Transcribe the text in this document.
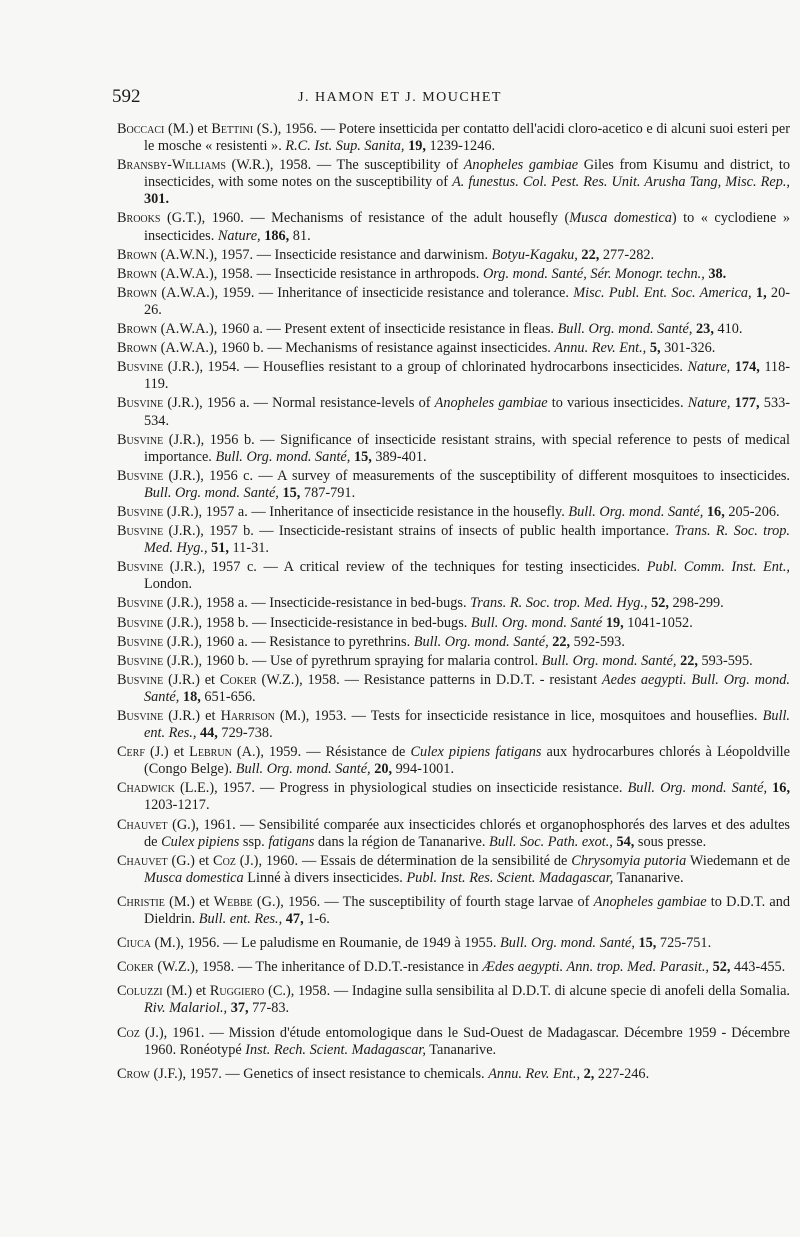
592	J. HAMON ET J. MOUCHET

Boccaci (M.) et Bettini (S.), 1956. — Potere insetticida per contatto dell'acidi cloro-acetico e di alcuni suoi esteri per le mosche « resistenti ». R.C. Ist. Sup. Sanita, 19, 1239-1246.

Bransby-Williams (W.R.), 1958. — The susceptibility of Anopheles gambiae Giles from Kisumu and district, to insecticides, with some notes on the susceptibility of A. funestus. Col. Pest. Res. Unit. Arusha Tang, Misc. Rep., 301.

Brooks (G.T.), 1960. — Mechanisms of resistance of the adult housefly (Musca domestica) to « cyclodiene » insecticides. Nature, 186, 81.

Brown (A.W.N.), 1957. — Insecticide resistance and darwinism. Botyu-Kagaku, 22, 277-282.

Brown (A.W.A.), 1958. — Insecticide resistance in arthropods. Org. mond. Santé, Sér. Monogr. techn., 38.

Brown (A.W.A.), 1959. — Inheritance of insecticide resistance and tolerance. Misc. Publ. Ent. Soc. America, 1, 20-26.

Brown (A.W.A.), 1960 a. — Present extent of insecticide resistance in fleas. Bull. Org. mond. Santé, 23, 410.

Brown (A.W.A.), 1960 b. — Mechanisms of resistance against insecticides. Annu. Rev. Ent., 5, 301-326.

Busvine (J.R.), 1954. — Houseflies resistant to a group of chlorinated hydrocarbons insecticides. Nature, 174, 118-119.

Busvine (J.R.), 1956 a. — Normal resistance-levels of Anopheles gambiae to various insecticides. Nature, 177, 533-534.

Busvine (J.R.), 1956 b. — Significance of insecticide resistant strains, with special reference to pests of medical importance. Bull. Org. mond. Santé, 15, 389-401.

Busvine (J.R.), 1956 c. — A survey of measurements of the susceptibility of different mosquitoes to insecticides. Bull. Org. mond. Santé, 15, 787-791.

Busvine (J.R.), 1957 a. — Inheritance of insecticide resistance in the housefly. Bull. Org. mond. Santé, 16, 205-206.

Busvine (J.R.), 1957 b. — Insecticide-resistant strains of insects of public health importance. Trans. R. Soc. trop. Med. Hyg., 51, 11-31.

Busvine (J.R.), 1957 c. — A critical review of the techniques for testing insecticides. Publ. Comm. Inst. Ent., London.

Busvine (J.R.), 1958 a. — Insecticide-resistance in bed-bugs. Trans. R. Soc. trop. Med. Hyg., 52, 298-299.

Busvine (J.R.), 1958 b. — Insecticide-resistance in bed-bugs. Bull. Org. mond. Santé 19, 1041-1052.

Busvine (J.R.), 1960 a. — Resistance to pyrethrins. Bull. Org. mond. Santé, 22, 592-593.

Busvine (J.R.), 1960 b. — Use of pyrethrum spraying for malaria control. Bull. Org. mond. Santé, 22, 593-595.

Busvine (J.R.) et Coker (W.Z.), 1958. — Resistance patterns in D.D.T. - resistant Aedes aegypti. Bull. Org. mond. Santé, 18, 651-656.

Busvine (J.R.) et Harrison (M.), 1953. — Tests for insecticide resistance in lice, mosquitoes and houseflies. Bull. ent. Res., 44, 729-738.

Cerf (J.) et Lebrun (A.), 1959. — Résistance de Culex pipiens fatigans aux hydrocarbures chlorés à Léopoldville (Congo Belge). Bull. Org. mond. Santé, 20, 994-1001.

Chadwick (L.E.), 1957. — Progress in physiological studies on insecticide resistance. Bull. Org. mond. Santé, 16, 1203-1217.

Chauvet (G.), 1961. — Sensibilité comparée aux insecticides chlorés et organophosphorés des larves et des adultes de Culex pipiens ssp. fatigans dans la région de Tananarive. Bull. Soc. Path. exot., 54, sous presse.

Chauvet (G.) et Coz (J.), 1960. — Essais de détermination de la sensibilité de Chrysomyia putoria Wiedemann et de Musca domestica Linné à divers insecticides. Publ. Inst. Res. Scient. Madagascar, Tananarive.

Christie (M.) et Webbe (G.), 1956. — The susceptibility of fourth stage larvae of Anopheles gambiae to D.D.T. and Dieldrin. Bull. ent. Res., 47, 1-6.

Ciuca (M.), 1956. — Le paludisme en Roumanie, de 1949 à 1955. Bull. Org. mond. Santé, 15, 725-751.

Coker (W.Z.), 1958. — The inheritance of D.D.T.-resistance in Ædes aegypti. Ann. trop. Med. Parasit., 52, 443-455.

Coluzzi (M.) et Ruggiero (C.), 1958. — Indagine sulla sensibilita al D.D.T. di alcune specie di anofeli della Somalia. Riv. Malariol., 37, 77-83.

Coz (J.), 1961. — Mission d'étude entomologique dans le Sud-Ouest de Madagascar. Décembre 1959 - Décembre 1960. Ronéotypé Inst. Rech. Scient. Madagascar, Tananarive.

Crow (J.F.), 1957. — Genetics of insect resistance to chemicals. Annu. Rev. Ent., 2, 227-246.
